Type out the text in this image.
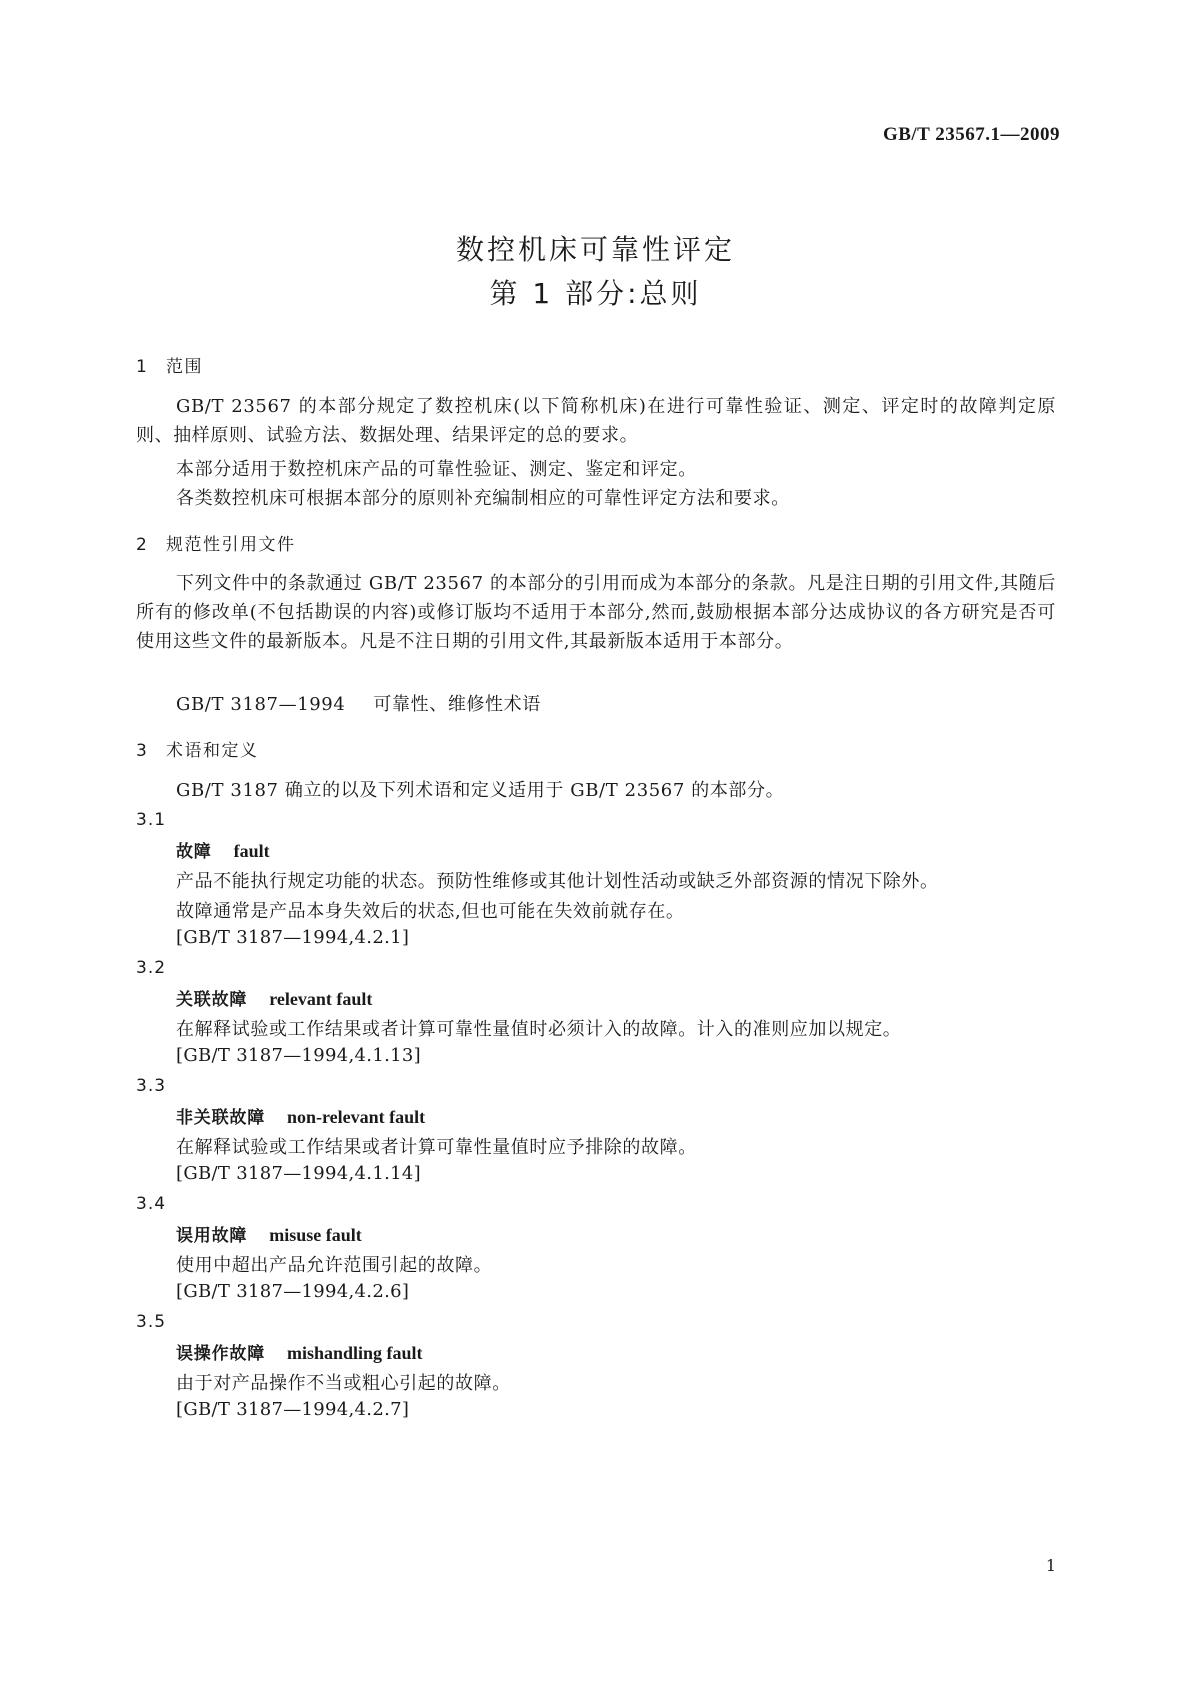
GB/T 23567.1—2009
数控机床可靠性评定
第 1 部分:总则
1 范围
GB/T 23567 的本部分规定了数控机床(以下简称机床)在进行可靠性验证、测定、评定时的故障判定原则、抽样原则、试验方法、数据处理、结果评定的总的要求。
本部分适用于数控机床产品的可靠性验证、测定、鉴定和评定。
各类数控机床可根据本部分的原则补充编制相应的可靠性评定方法和要求。
2 规范性引用文件
下列文件中的条款通过 GB/T 23567 的本部分的引用而成为本部分的条款。凡是注日期的引用文件,其随后所有的修改单(不包括勘误的内容)或修订版均不适用于本部分,然而,鼓励根据本部分达成协议的各方研究是否可使用这些文件的最新版本。凡是不注日期的引用文件,其最新版本适用于本部分。
GB/T 3187—1994 可靠性、维修性术语
3 术语和定义
GB/T 3187 确立的以及下列术语和定义适用于 GB/T 23567 的本部分。
3.1
故障 fault
产品不能执行规定功能的状态。预防性维修或其他计划性活动或缺乏外部资源的情况下除外。
故障通常是产品本身失效后的状态,但也可能在失效前就存在。
[GB/T 3187—1994,4.2.1]
3.2
关联故障 relevant fault
在解释试验或工作结果或者计算可靠性量值时必须计入的故障。计入的准则应加以规定。
[GB/T 3187—1994,4.1.13]
3.3
非关联故障 non-relevant fault
在解释试验或工作结果或者计算可靠性量值时应予排除的故障。
[GB/T 3187—1994,4.1.14]
3.4
误用故障 misuse fault
使用中超出产品允许范围引起的故障。
[GB/T 3187—1994,4.2.6]
3.5
误操作故障 mishandling fault
由于对产品操作不当或粗心引起的故障。
[GB/T 3187—1994,4.2.7]
1
